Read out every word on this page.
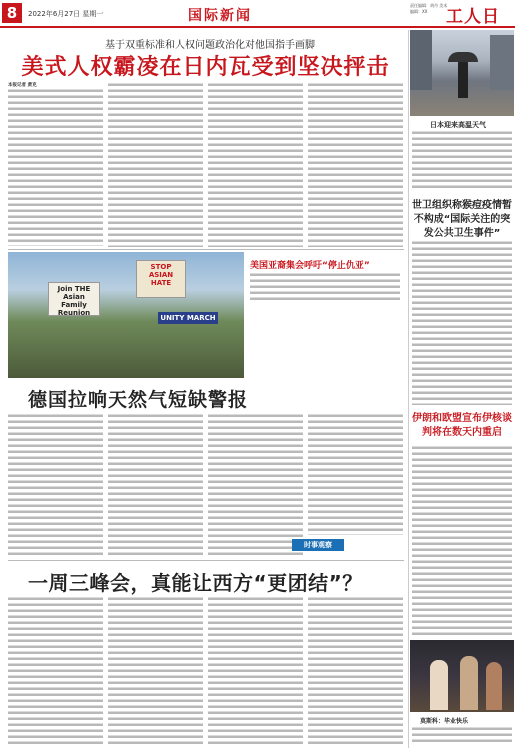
8	2022年6月27日 星期一	国际新闻
责任编辑：胡丹 美术编辑：XX	工人日
基于双重标准和人权问题政治化对他国指手画脚
美式人权霸凌在日内瓦受到坚决抨击
本报记者 黄克
Join THE Asian Family Reunion
STOP ASIAN HATE
UNITY MARCH
美国亚裔集会呼吁“停止仇亚”
德国拉响天然气短缺警报
时事观察
一周三峰会，真能让西方“更团结”？
日本迎来高温天气
世卫组织称猴痘疫情暂不构成“国际关注的突发公共卫生事件”
伊朗和欧盟宣布伊核谈判将在数天内重启
莫斯科：毕业快乐
